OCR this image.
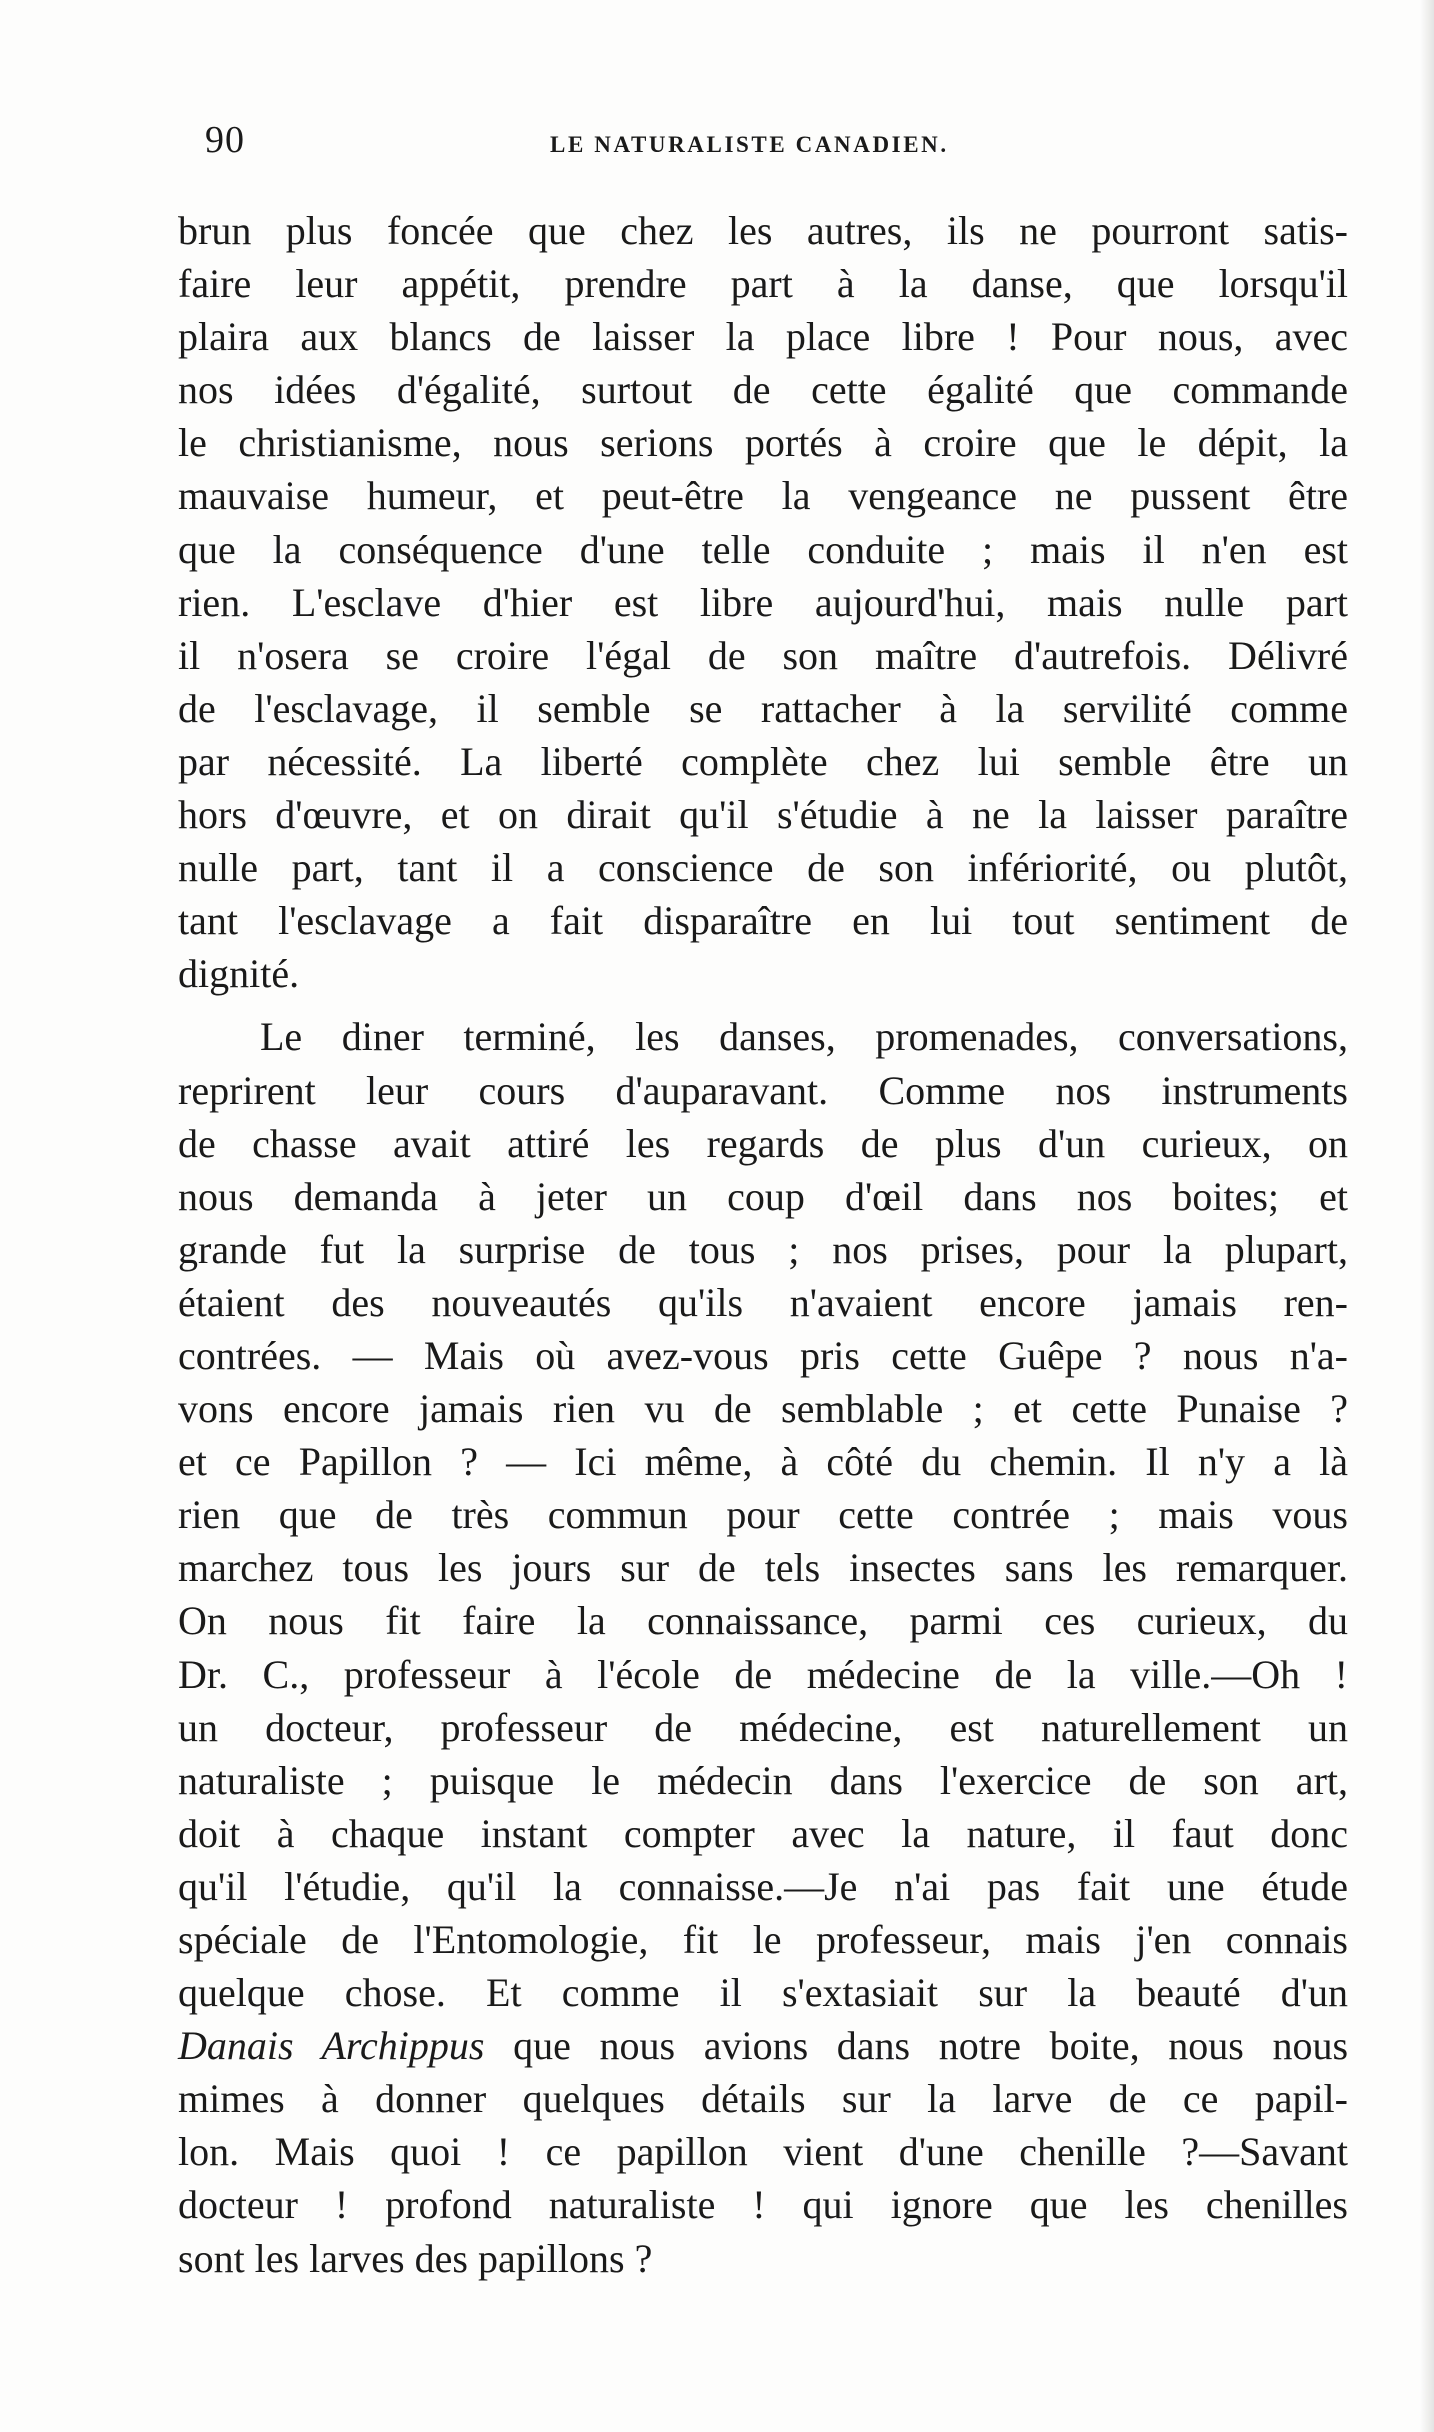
90	LE NATURALISTE CANADIEN.
brun plus foncée que chez les autres, ils ne pourront satis-
faire leur appétit, prendre part à la danse, que lorsqu'il
plaira aux blancs de laisser la place libre ! Pour nous, avec
nos idées d'égalité, surtout de cette égalité que commande
le christianisme, nous serions portés à croire que le dépit, la
mauvaise humeur, et peut-être la vengeance ne pussent être
que la conséquence d'une telle conduite ; mais il n'en est
rien. L'esclave d'hier est libre aujourd'hui, mais nulle part
il n'osera se croire l'égal de son maître d'autrefois. Délivré
de l'esclavage, il semble se rattacher à la servilité comme
par nécessité. La liberté complète chez lui semble être un
hors d'œuvre, et on dirait qu'il s'étudie à ne la laisser paraître
nulle part, tant il a conscience de son infériorité, ou plutôt,
tant l'esclavage a fait disparaître en lui tout sentiment de
dignité.
Le diner terminé, les danses, promenades, conversations,
reprirent leur cours d'auparavant. Comme nos instruments
de chasse avait attiré les regards de plus d'un curieux, on
nous demanda à jeter un coup d'œil dans nos boites; et
grande fut la surprise de tous ; nos prises, pour la plupart,
étaient des nouveautés qu'ils n'avaient encore jamais ren-
contrées. — Mais où avez-vous pris cette Guêpe ? nous n'a-
vons encore jamais rien vu de semblable ; et cette Punaise ?
et ce Papillon ? — Ici même, à côté du chemin. Il n'y a là
rien que de très commun pour cette contrée ; mais vous
marchez tous les jours sur de tels insectes sans les remarquer.
On nous fit faire la connaissance, parmi ces curieux, du
Dr. C., professeur à l'école de médecine de la ville.—Oh !
un docteur, professeur de médecine, est naturellement un
naturaliste ; puisque le médecin dans l'exercice de son art,
doit à chaque instant compter avec la nature, il faut donc
qu'il l'étudie, qu'il la connaisse.—Je n'ai pas fait une étude
spéciale de l'Entomologie, fit le professeur, mais j'en connais
quelque chose. Et comme il s'extasiait sur la beauté d'un
Danais Archippus que nous avions dans notre boite, nous nous
mimes à donner quelques détails sur la larve de ce papil-
lon. Mais quoi ! ce papillon vient d'une chenille ?—Savant
docteur ! profond naturaliste ! qui ignore que les chenilles
sont les larves des papillons ?
